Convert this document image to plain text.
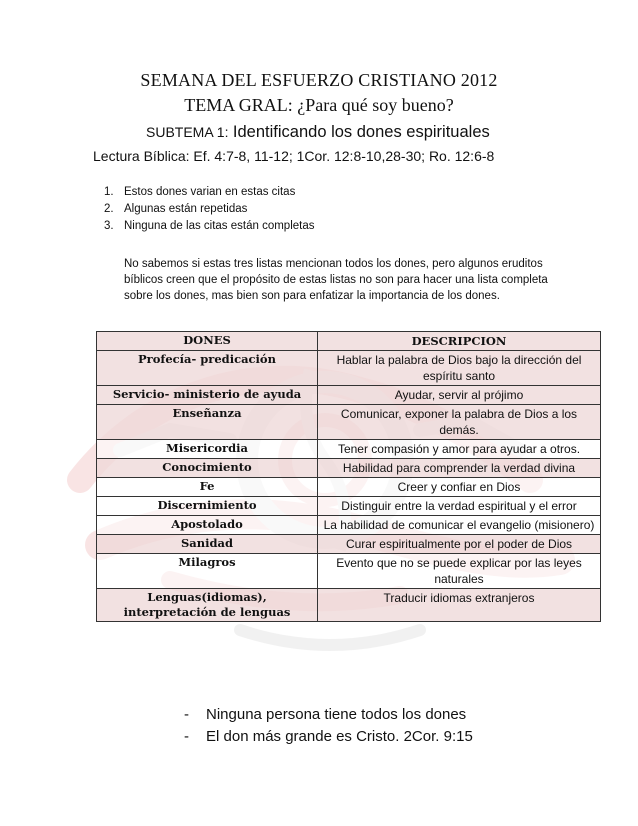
SEMANA DEL ESFUERZO CRISTIANO 2012
TEMA GRAL: ¿Para qué soy bueno?
SUBTEMA 1: Identificando los dones espirituales
Lectura Bíblica: Ef. 4:7-8, 11-12; 1Cor. 12:8-10,28-30; Ro. 12:6-8
1. Estos dones varian en estas citas
2. Algunas están repetidas
3. Ninguna de las citas están completas

No sabemos si estas tres listas mencionan todos los dones, pero algunos eruditos bíblicos creen que el propósito de estas listas no son para hacer una lista completa sobre los dones, mas bien son para enfatizar la importancia de los dones.

DONES	DESCRIPCION
Profecía- predicación	Hablar la palabra de Dios bajo la dirección del espíritu santo
Servicio- ministerio de ayuda	Ayudar, servir al prójimo
Enseñanza	Comunicar, exponer la palabra de Dios a los demás.
Misericordia	Tener compasión y amor para ayudar a otros.
Conocimiento	Habilidad para comprender la verdad divina
Fe	Creer y confiar en Dios
Discernimiento	Distinguir entre la verdad espiritual y el error
Apostolado	La habilidad de comunicar el evangelio (misionero)
Sanidad	Curar espiritualmente por el poder de Dios
Milagros	Evento que no se puede explicar por las leyes naturales
Lenguas(idiomas), interpretación de lenguas	Traducir idiomas extranjeros
- Ninguna persona tiene todos los dones
- El don más grande es Cristo. 2Cor. 9:15
